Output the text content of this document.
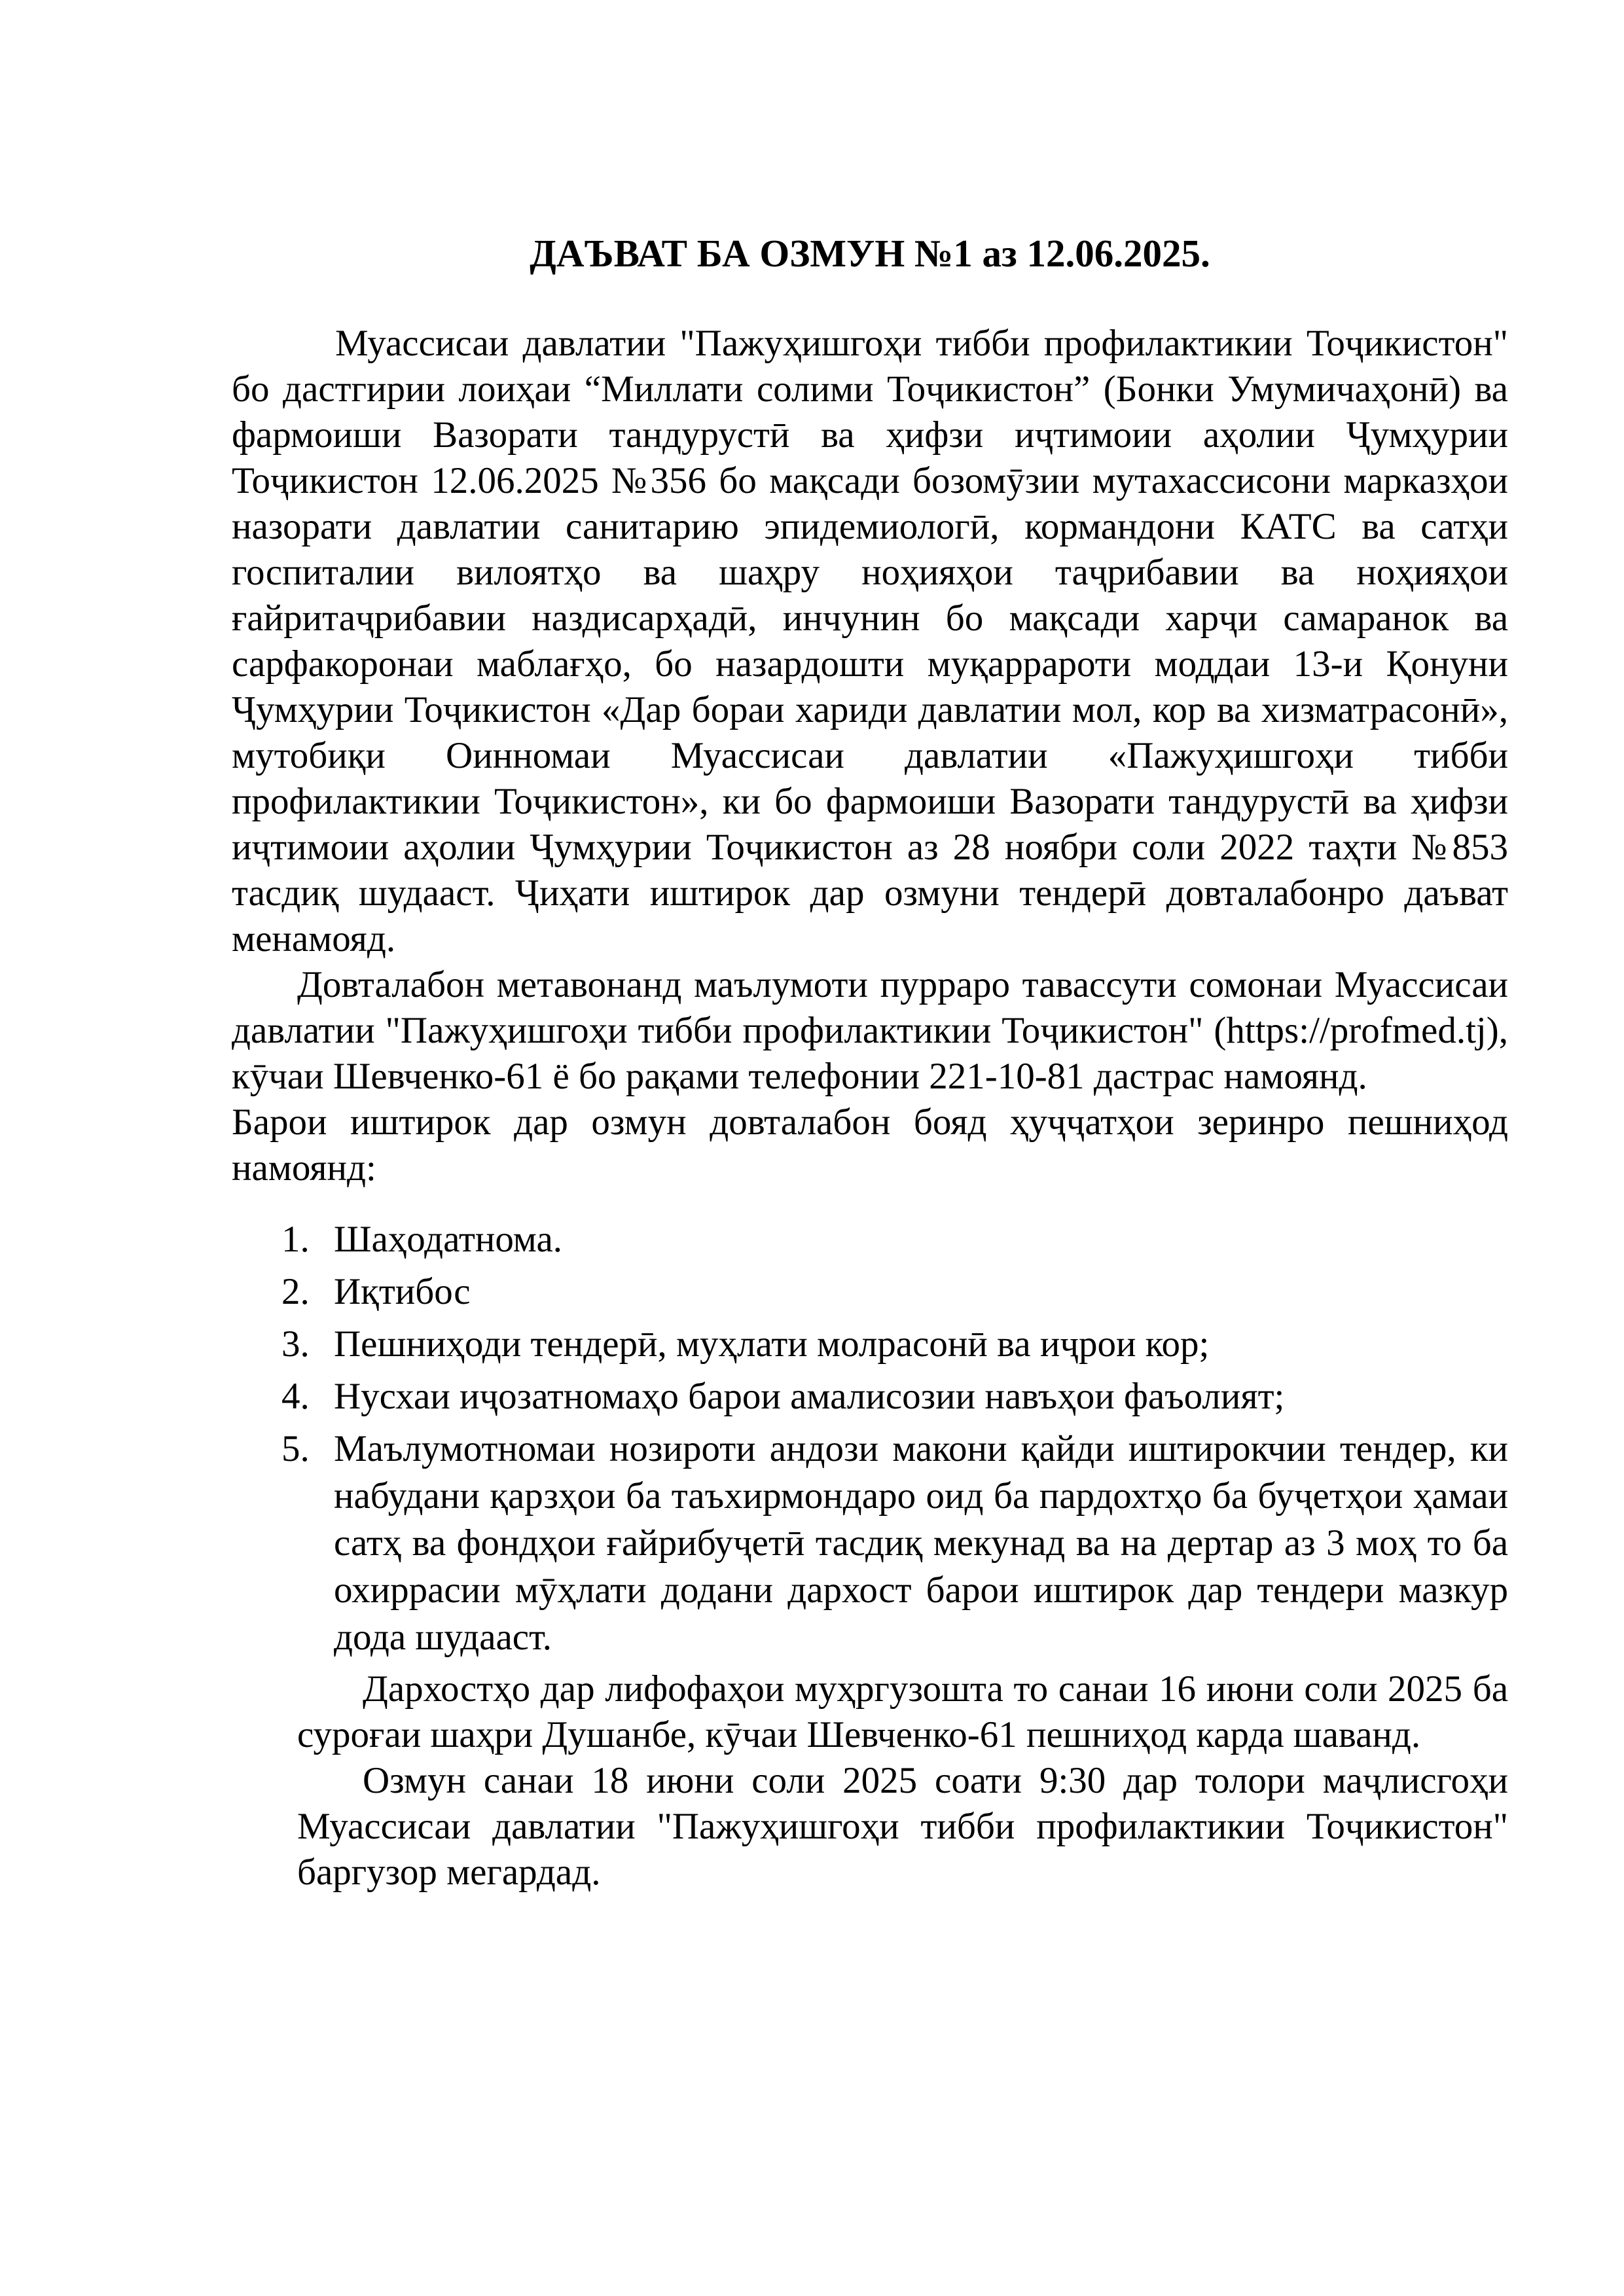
ДАЪВАТ БА ОЗМУН №1 аз 12.06.2025.

Муассисаи давлатии "Пажуҳишгоҳи тибби профилактикии Тоҷикистон" бо дастгирии лоиҳаи “Миллати солими Тоҷикистон” (Бонки Умумичаҳонӣ) ва фармоиши Вазорати тандурустӣ ва ҳифзи иҷтимоии аҳолии Ҷумҳурии Тоҷикистон 12.06.2025 №356 бо мақсади бозомӯзии мутахассисони марказҳои назорати давлатии санитарию эпидемиологӣ, кормандони КАТС ва сатҳи госпиталии вилоятҳо ва шаҳру ноҳияҳои таҷрибавии ва ноҳияҳои ғайритаҷрибавии наздисарҳадӣ, инчунин бо мақсади харҷи самаранок ва сарфакоронаи маблағҳо, бо назардошти муқаррароти моддаи 13-и Қонуни Ҷумҳурии Тоҷикистон «Дар бораи хариди давлатии мол, кор ва хизматрасонӣ», мутобиқи Оинномаи Муассисаи давлатии «Пажуҳишгоҳи тибби профилактикии Тоҷикистон», ки бо фармоиши Вазорати тандурустӣ ва ҳифзи иҷтимоии аҳолии Ҷумҳурии Тоҷикистон аз 28 ноябри соли 2022 таҳти №853 тасдиқ шудааст. Ҷиҳати иштирок дар озмуни тендерӣ довталабонро даъват менамояд.

Довталабон метавонанд маълумоти пурраро тавассути сомонаи Муассисаи давлатии "Пажуҳишгоҳи тибби профилактикии Тоҷикистон" (https://profmed.tj), кӯчаи Шевченко-61 ё бо рақами телефонии 221-10-81 дастрас намоянд.

Барои иштирок дар озмун довталабон бояд ҳуҷҷатҳои зеринро пешниҳод намоянд:

1. Шаҳодатнома.
2. Иқтибос
3. Пешниҳоди тендерӣ, муҳлати молрасонӣ ва иҷрои кор;
4. Нусхаи иҷозатномаҳо барои амалисозии навъҳои фаъолият;
5. Маълумотномаи нозироти андози макони қайди иштирокчии тендер, ки набудани қарзҳои ба таъхирмондаро оид ба пардохтҳо ба буҷетҳои ҳамаи сатҳ ва фондҳои ғайрибуҷетӣ тасдиқ мекунад ва на дертар аз 3 моҳ то ба охиррасии мӯҳлати додани дархост барои иштирок дар тендери мазкур дода шудааст.

Дархостҳо дар лифофаҳои муҳргузошта то санаи 16 июни соли 2025 ба суроғаи шаҳри Душанбе, кӯчаи Шевченко-61 пешниҳод карда шаванд.

Озмун санаи 18 июни соли 2025 соати 9:30 дар толори маҷлисгоҳи Муассисаи давлатии "Пажуҳишгоҳи тибби профилактикии Тоҷикистон" баргузор мегардад.
